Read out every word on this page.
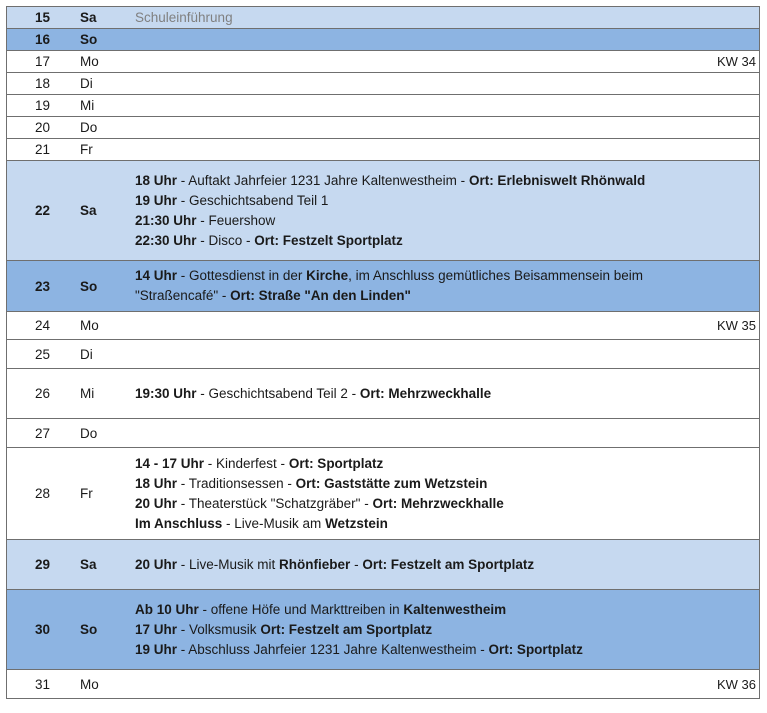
15	Sa	Schuleinführung
16	So	
17	Mo	KW 34

18	Di	
19	Mi	
20	Do	
21	Fr	
22	Sa	18 Uhr - Auftakt Jahrfeier 1231 Jahre Kaltenwestheim - Ort: Erlebniswelt Rhönwald
19 Uhr - Geschichtsabend Teil 1
21:30 Uhr - Feuershow
22:30 Uhr - Disco - Ort: Festzelt Sportplatz

23	So	14 Uhr - Gottesdienst in der Kirche, im Anschluss gemütliches Beisammensein beim
"Straßencafé" - Ort: Straße "An den Linden"

24	Mo	KW 35

25	Di	
26	Mi	19:30 Uhr - Geschichtsabend Teil 2 - Ort: Mehrzweckhalle

27	Do	
28	Fr	14 - 17 Uhr - Kinderfest - Ort: Sportplatz
18 Uhr - Traditionsessen - Ort: Gaststätte zum Wetzstein
20 Uhr - Theaterstück "Schatzgräber" - Ort: Mehrzweckhalle
Im Anschluss - Live-Musik am Wetzstein

29	Sa	20 Uhr - Live-Musik mit Rhönfieber - Ort: Festzelt am Sportplatz

30	So	Ab 10 Uhr - offene Höfe und Markttreiben in Kaltenwestheim
17 Uhr - Volksmusik Ort: Festzelt am Sportplatz
19 Uhr - Abschluss Jahrfeier 1231 Jahre Kaltenwestheim - Ort: Sportplatz

31	Mo	KW 36
